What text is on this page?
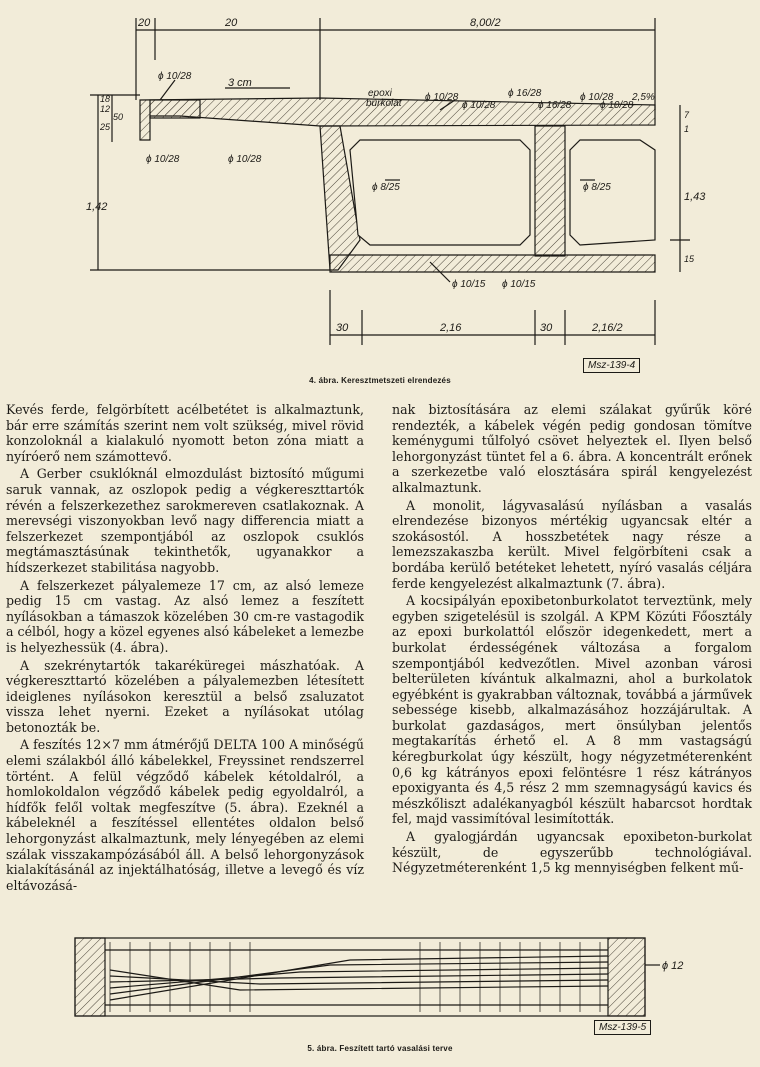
20	20	8,00/2
30	2,16	30	2,16/2
50
25
12
18
1,42
2,5%
7
1
1,43
15
3 cm
epoxi
burkolat
ϕ 10/28
ϕ 10/28	ϕ 10/28
ϕ 10/28
ϕ 10/28
ϕ 16/28
ϕ 16/28
ϕ 10/28
ϕ 10/28
ϕ 8/25	ϕ 8/25
ϕ 10/15 ϕ 10/15
4. ábra. Keresztmetszeti elrendezés
Msz-139-4

Kevés ferde, felgörbített acélbetétet is alkalmaztunk, bár erre számítás szerint nem volt szükség, mivel rövid konzoloknál a kialakuló nyomott beton zóna miatt a nyíróerő nem számottevő.

A Gerber csuklóknál elmozdulást biztosító műgumi saruk vannak, az oszlopok pedig a végkereszttartók révén a felszerkezethez sarokmereven csatlakoznak. A merevségi viszonyokban levő nagy differencia miatt a felszerkezet szempontjából az oszlopok csuklós megtámasztásúnak tekinthetők, ugyanakkor a hídszerkezet stabilitása nagyobb.

A felszerkezet pályalemeze 17 cm, az alsó lemeze pedig 15 cm vastag. Az alsó lemez a feszített nyílásokban a támaszok közelében 30 cm-re vastagodik a célból, hogy a közel egyenes alsó kábeleket a lemezbe is helyezhessük (4. ábra).

A szekrénytartók takaréküregei mászhatóak. A végkereszttartó közelében a pályalemezben létesített ideiglenes nyílásokon keresztül a belső zsaluzatot vissza lehet nyerni. Ezeket a nyílásokat utólag betonozták be.

A feszítés 12×7 mm átmérőjű DELTA 100 A minőségű elemi szálakból álló kábelekkel, Freyssinet rendszerrel történt. A felül végződő kábelek kétoldalról, a homlokoldalon végződő kábelek pedig egyoldalról, a hídfők felől voltak megfeszítve (5. ábra). Ezeknél a kábeleknél a feszítéssel ellentétes oldalon belső lehorgonyzást alkalmaztunk, mely lényegében az elemi szálak visszakampózásából áll. A belső lehorgonyzások kialakításánál az injektálhatóság, illetve a levegő és víz eltávozásá-

nak biztosítására az elemi szálakat gyűrűk köré rendezték, a kábelek végén pedig gondosan tömítve keménygumi tűlfolyó csövet helyeztek el. Ilyen belső lehorgonyzást tüntet fel a 6. ábra. A koncentrált erőnek a szerkezetbe való elosztására spirál kengyelezést alkalmaztunk.

A monolit, lágyvasalású nyílásban a vasalás elrendezése bizonyos mértékig ugyancsak eltér a szokásostól. A hosszbetétek nagy része a lemezszakaszba került. Mivel felgörbíteni csak a bordába kerülő betéteket lehetett, nyíró vasalás céljára ferde kengyelezést alkalmaztunk (7. ábra).

A kocsipályán epoxibetonburkolatot terveztünk, mely egyben szigetelésül is szolgál. A KPM Közúti Főosztály az epoxi burkolattól először idegenkedett, mert a burkolat érdességének változása a forgalom szempontjából kedvezőtlen. Mivel azonban városi belterületen kívántuk alkalmazni, ahol a burkolatok egyébként is gyakrabban változnak, továbbá a járművek sebessége kisebb, alkalmazásához hozzájárultak. A burkolat gazdaságos, mert önsúlyban jelentős megtakarítás érhető el. A 8 mm vastagságú kéregburkolat úgy készült, hogy négyzetméterenként 0,6 kg kátrányos epoxi felöntésre 1 rész kátrányos epoxigyanta és 4,5 rész 2 mm szemnagyságú kavics és mészkőliszt adalékanyagból készült habarcsot hordtak fel, majd vassimítóval lesimították.

A gyalogjárdán ugyancsak epoxibeton-burkolat készült, de egyszerűbb technológiával. Négyzetméterenként 1,5 kg mennyiségben felkent mű-

ϕ 12
5. ábra. Feszített tartó vasalási terve
Msz-139-5
